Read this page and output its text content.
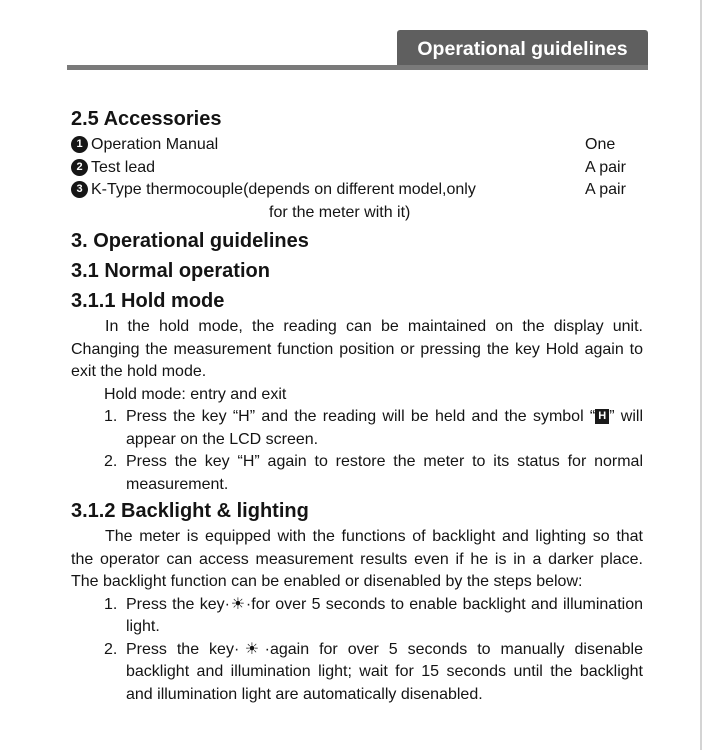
Operational guidelines
2.5 Accessories
1 Operation Manual	One
2 Test lead	A pair
3 K-Type thermocouple(depends on different model,only	A pair
for the meter with it)
3. Operational guidelines
3.1 Normal operation
3.1.1 Hold mode
In the hold mode, the reading can be maintained on the display unit. Changing the measurement function position or pressing the key Hold again to exit the hold mode.
Hold mode: entry and exit
1. Press the key “H” and the reading will be held and the symbol “ H ” will appear on the LCD screen.
2. Press the key “H” again to restore the meter to its status for normal measurement.
3.1.2 Backlight & lighting
The meter is equipped with the functions of backlight and lighting so that the operator can access measurement results even if he is in a darker place. The backlight function can be enabled or disenabled by the steps below:
1. Press the key·☀·for over 5 seconds to enable backlight and illumination light.
2. Press the key·☀·again for over 5 seconds to manually disenable backlight and illumination light; wait for 15 seconds until the backlight and illumination light are automatically disenabled.
